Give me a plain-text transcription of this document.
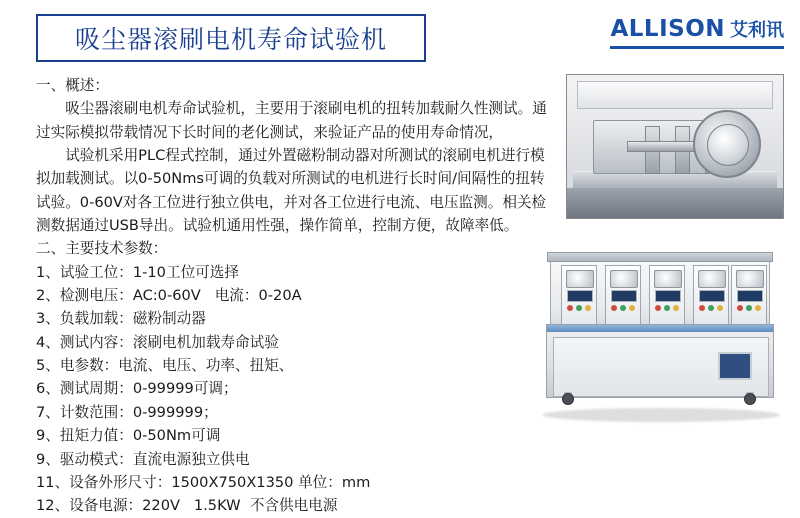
吸尘器滚刷电机寿命试验机	ALLISON 艾利讯

一、概述：

吸尘器滚刷电机寿命试验机，主要用于滚刷电机的扭转加载耐久性测试。通过实际模拟带载情况下长时间的老化测试，来验证产品的使用寿命情况，

试验机采用PLC程式控制，通过外置磁粉制动器对所测试的滚刷电机进行模拟加载测试。以0-50Nms可调的负载对所测试的电机进行长时间/间隔性的扭转试验。0-60V对各工位进行独立供电，并对各工位进行电流、电压监测。相关检测数据通过USB导出。试验机通用性强，操作简单，控制方便，故障率低。

二、主要技术参数：

1、试验工位：1-10工位可选择

2、检测电压：AC:0-60V   电流：0-20A

3、负载加载：磁粉制动器

4、测试内容：滚刷电机加载寿命试验

5、电参数：电流、电压、功率、扭矩、

6、测试周期：0-99999可调；

7、计数范围：0-999999；

9、扭矩力值：0-50Nm可调

9、驱动模式：直流电源独立供电

11、设备外形尺寸：1500X750X1350 单位：mm

12、设备电源：220V   1.5KW  不含供电电源
